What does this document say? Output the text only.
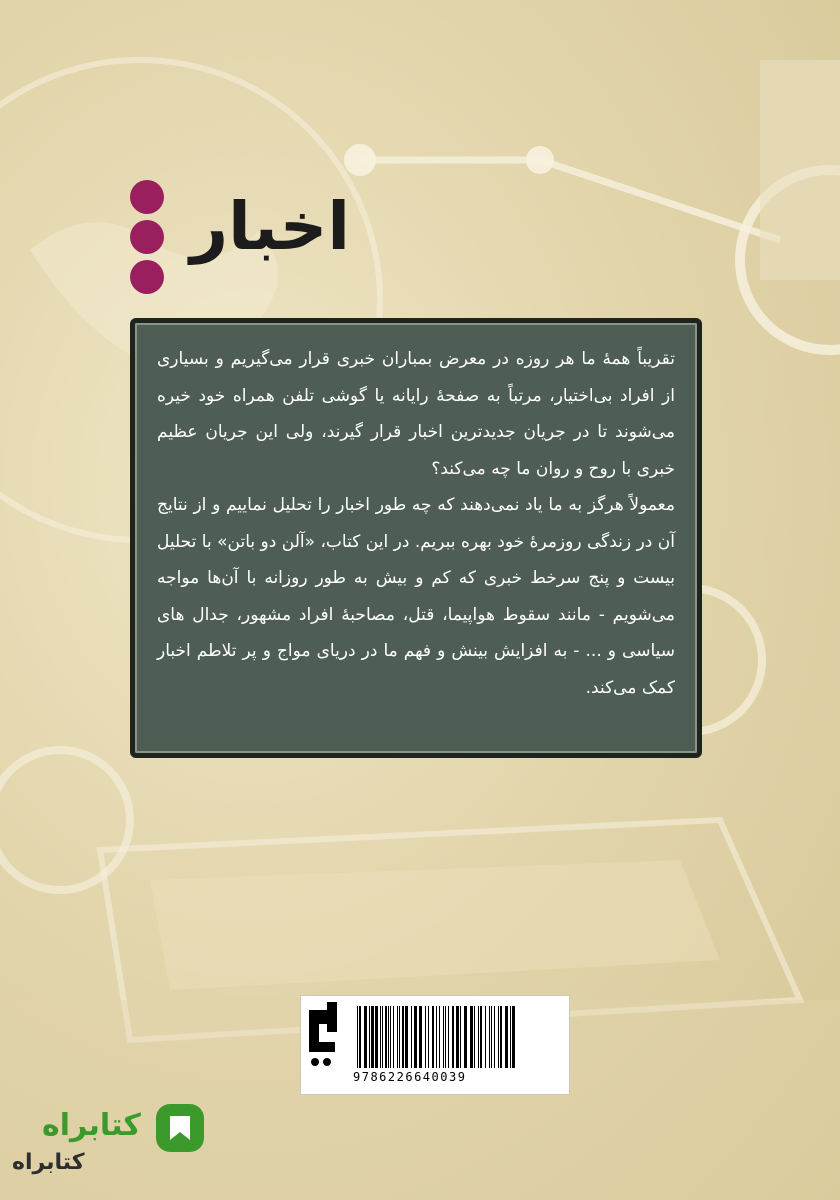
اخبار

تقریباً همهٔ ما هر روزه در معرض بمباران خبری قرار می‌گیریم و بسیاری از افراد بی‌اختیار، مرتباً به صفحهٔ رایانه یا گوشی تلفن همراه خود خیره می‌شوند تا در جریان جدیدترین اخبار قرار گیرند، ولی این جریان عظیم خبری با روح و روان ما چه می‌کند؟

معمولاً هرگز به ما یاد نمی‌دهند که چه طور اخبار را تحلیل نماییم و از نتایج آن در زندگی روزمرهٔ خود بهره ببریم. در این کتاب، «آلن دو باتن» با تحلیل بیست و پنج سرخط خبری که کم و بیش به طور روزانه با آن‌ها مواجه می‌شویم - مانند سقوط هواپیما، قتل، مصاحبهٔ افراد مشهور، جدال های سیاسی و ... - به افزایش بینش و فهم ما در دریای مواج و پر تلاطم اخبار کمک می‌کند.

9786226640039
کتابراه
کتابراه
